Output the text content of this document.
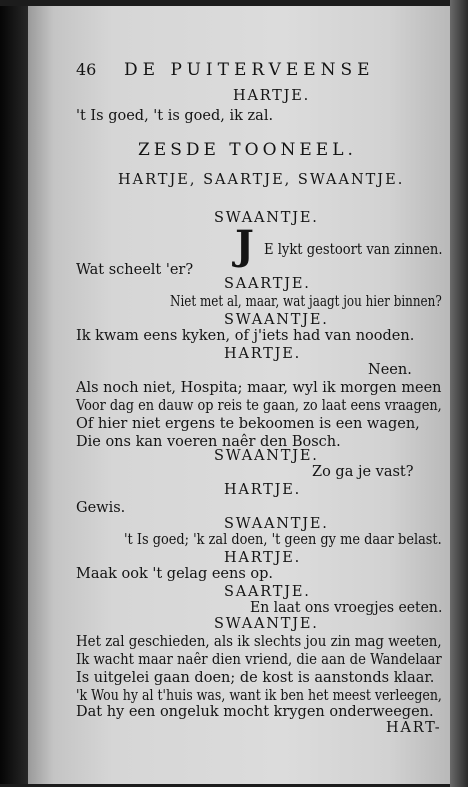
46 DE PUITERVEENSE
HARTJE.
't Is goed, 't is goed, ik zal.
ZESDE TOONEEL.
HARTJE, SAARTJE, SWAANTJE.
SWAANTJE.
J E lykt gestoort van zinnen.
Wat scheelt 'er?
SAARTJE.
Niet met al, maar, wat jaagt jou hier binnen?
SWAANTJE.
Ik kwam eens kyken, of j'iets had van nooden.
HARTJE.
Neen.
Als noch niet, Hospita; maar, wyl ik morgen meen
Voor dag en dauw op reis te gaan, zo laat eens vraagen,
Of hier niet ergens te bekoomen is een wagen,
Die ons kan voeren naêr den Bosch.
SWAANTJE.
Zo ga je vast?
HARTJE.
Gewis.
SWAANTJE.
't Is goed; 'k zal doen, 't geen gy me daar belast.
HARTJE.
Maak ook 't gelag eens op.
SAARTJE.
En laat ons vroegjes eeten.
SWAANTJE.
Het zal geschieden, als ik slechts jou zin mag weeten,
Ik wacht maar naêr dien vriend, die aan de Wandelaar
Is uitgelei gaan doen; de kost is aanstonds klaar.
'k Wou hy al t'huis was, want ik ben het meest verleegen,
Dat hy een ongeluk mocht krygen onderweegen.
HART-
